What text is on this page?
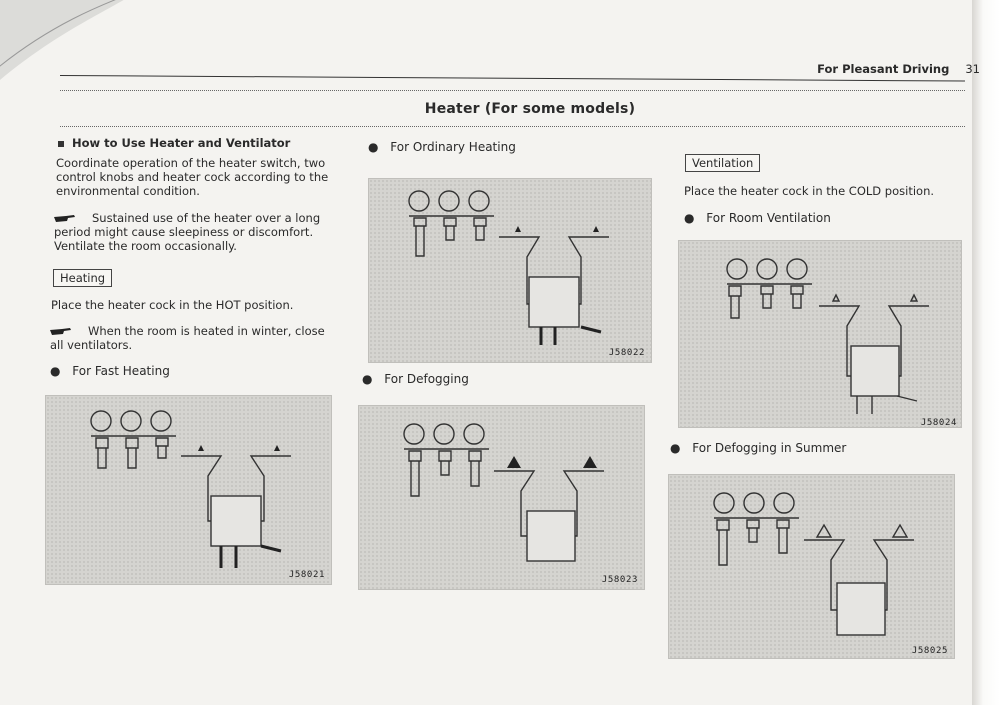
For Pleasant Driving 31
Heater (For some models)
How to Use Heater and Ventilator
Coordinate operation of the heater switch, two
control knobs and heater cock according to the
environmental condition.
Sustained use of the heater over a long
period might cause sleepiness or discomfort.
Ventilate the room occasionally.
Heating
Place the heater cock in the HOT position.
When the room is heated in winter, close
all ventilators.
● For Fast Heating
J58021
● For Ordinary Heating
J58022
● For Defogging
J58023
Ventilation
Place the heater cock in the COLD position.
● For Room Ventilation
J58024
● For Defogging in Summer
J58025
